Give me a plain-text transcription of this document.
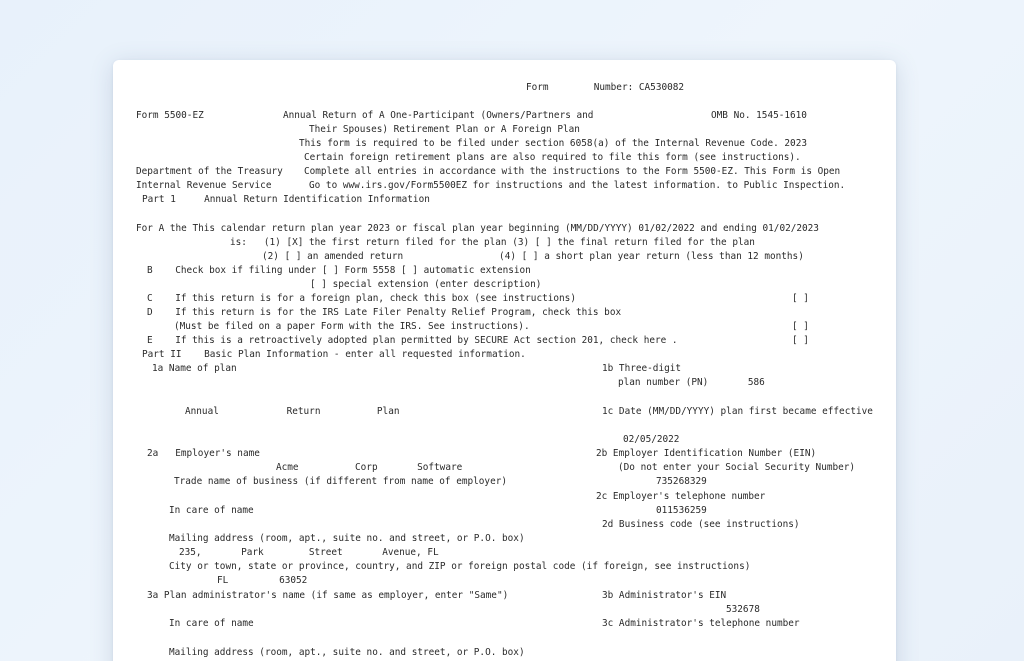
Form        Number: CA530082
Form 5500-EZ	Annual Return of A One-Participant (Owners/Partners and	OMB No. 1545-1610
Their Spouses) Retirement Plan or A Foreign Plan
This form is required to be filed under section 6058(a) of the Internal Revenue Code. 2023
Certain foreign retirement plans are also required to file this form (see instructions).
Department of the Treasury Complete all entries in accordance with the instructions to the Form 5500-EZ. This Form is Open
Internal Revenue Service	Go to www.irs.gov/Form5500EZ for instructions and the latest information. to Public Inspection.
Part 1     Annual Return Identification Information
For A the This calendar return plan year 2023 or fiscal plan year beginning (MM/DD/YYYY) 01/02/2022 and ending 01/02/2023
is:   (1) [X] the first return filed for the plan (3) [ ] the final return filed for the plan
(2) [ ] an amended return                 (4) [ ] a short plan year return (less than 12 months)
B    Check box if filing under [ ] Form 5558 [ ] automatic extension
[ ] special extension (enter description)
C    If this return is for a foreign plan, check this box (see instructions)	[ ]
D    If this return is for the IRS Late Filer Penalty Relief Program, check this box
(Must be filed on a paper Form with the IRS. See instructions).	[ ]
E    If this is a retroactively adopted plan permitted by SECURE Act section 201, check here .	[ ]
Part II    Basic Plan Information - enter all requested information.
1a Name of plan	1b Three-digit
plan number (PN)       586
Annual            Return          Plan	1c Date (MM/DD/YYYY) plan first became effective
02/05/2022
2a   Employer's name	2b Employer Identification Number (EIN)
Acme          Corp       Software	(Do not enter your Social Security Number)
Trade name of business (if different from name of employer)	735268329
2c Employer's telephone number
In care of name	011536259
2d Business code (see instructions)
Mailing address (room, apt., suite no. and street, or P.O. box)
235,       Park        Street       Avenue, FL
City or town, state or province, country, and ZIP or foreign postal code (if foreign, see instructions)
FL         63052
3a Plan administrator's name (if same as employer, enter "Same")	3b Administrator's EIN
532678
In care of name	3c Administrator's telephone number
Mailing address (room, apt., suite no. and street, or P.O. box)
